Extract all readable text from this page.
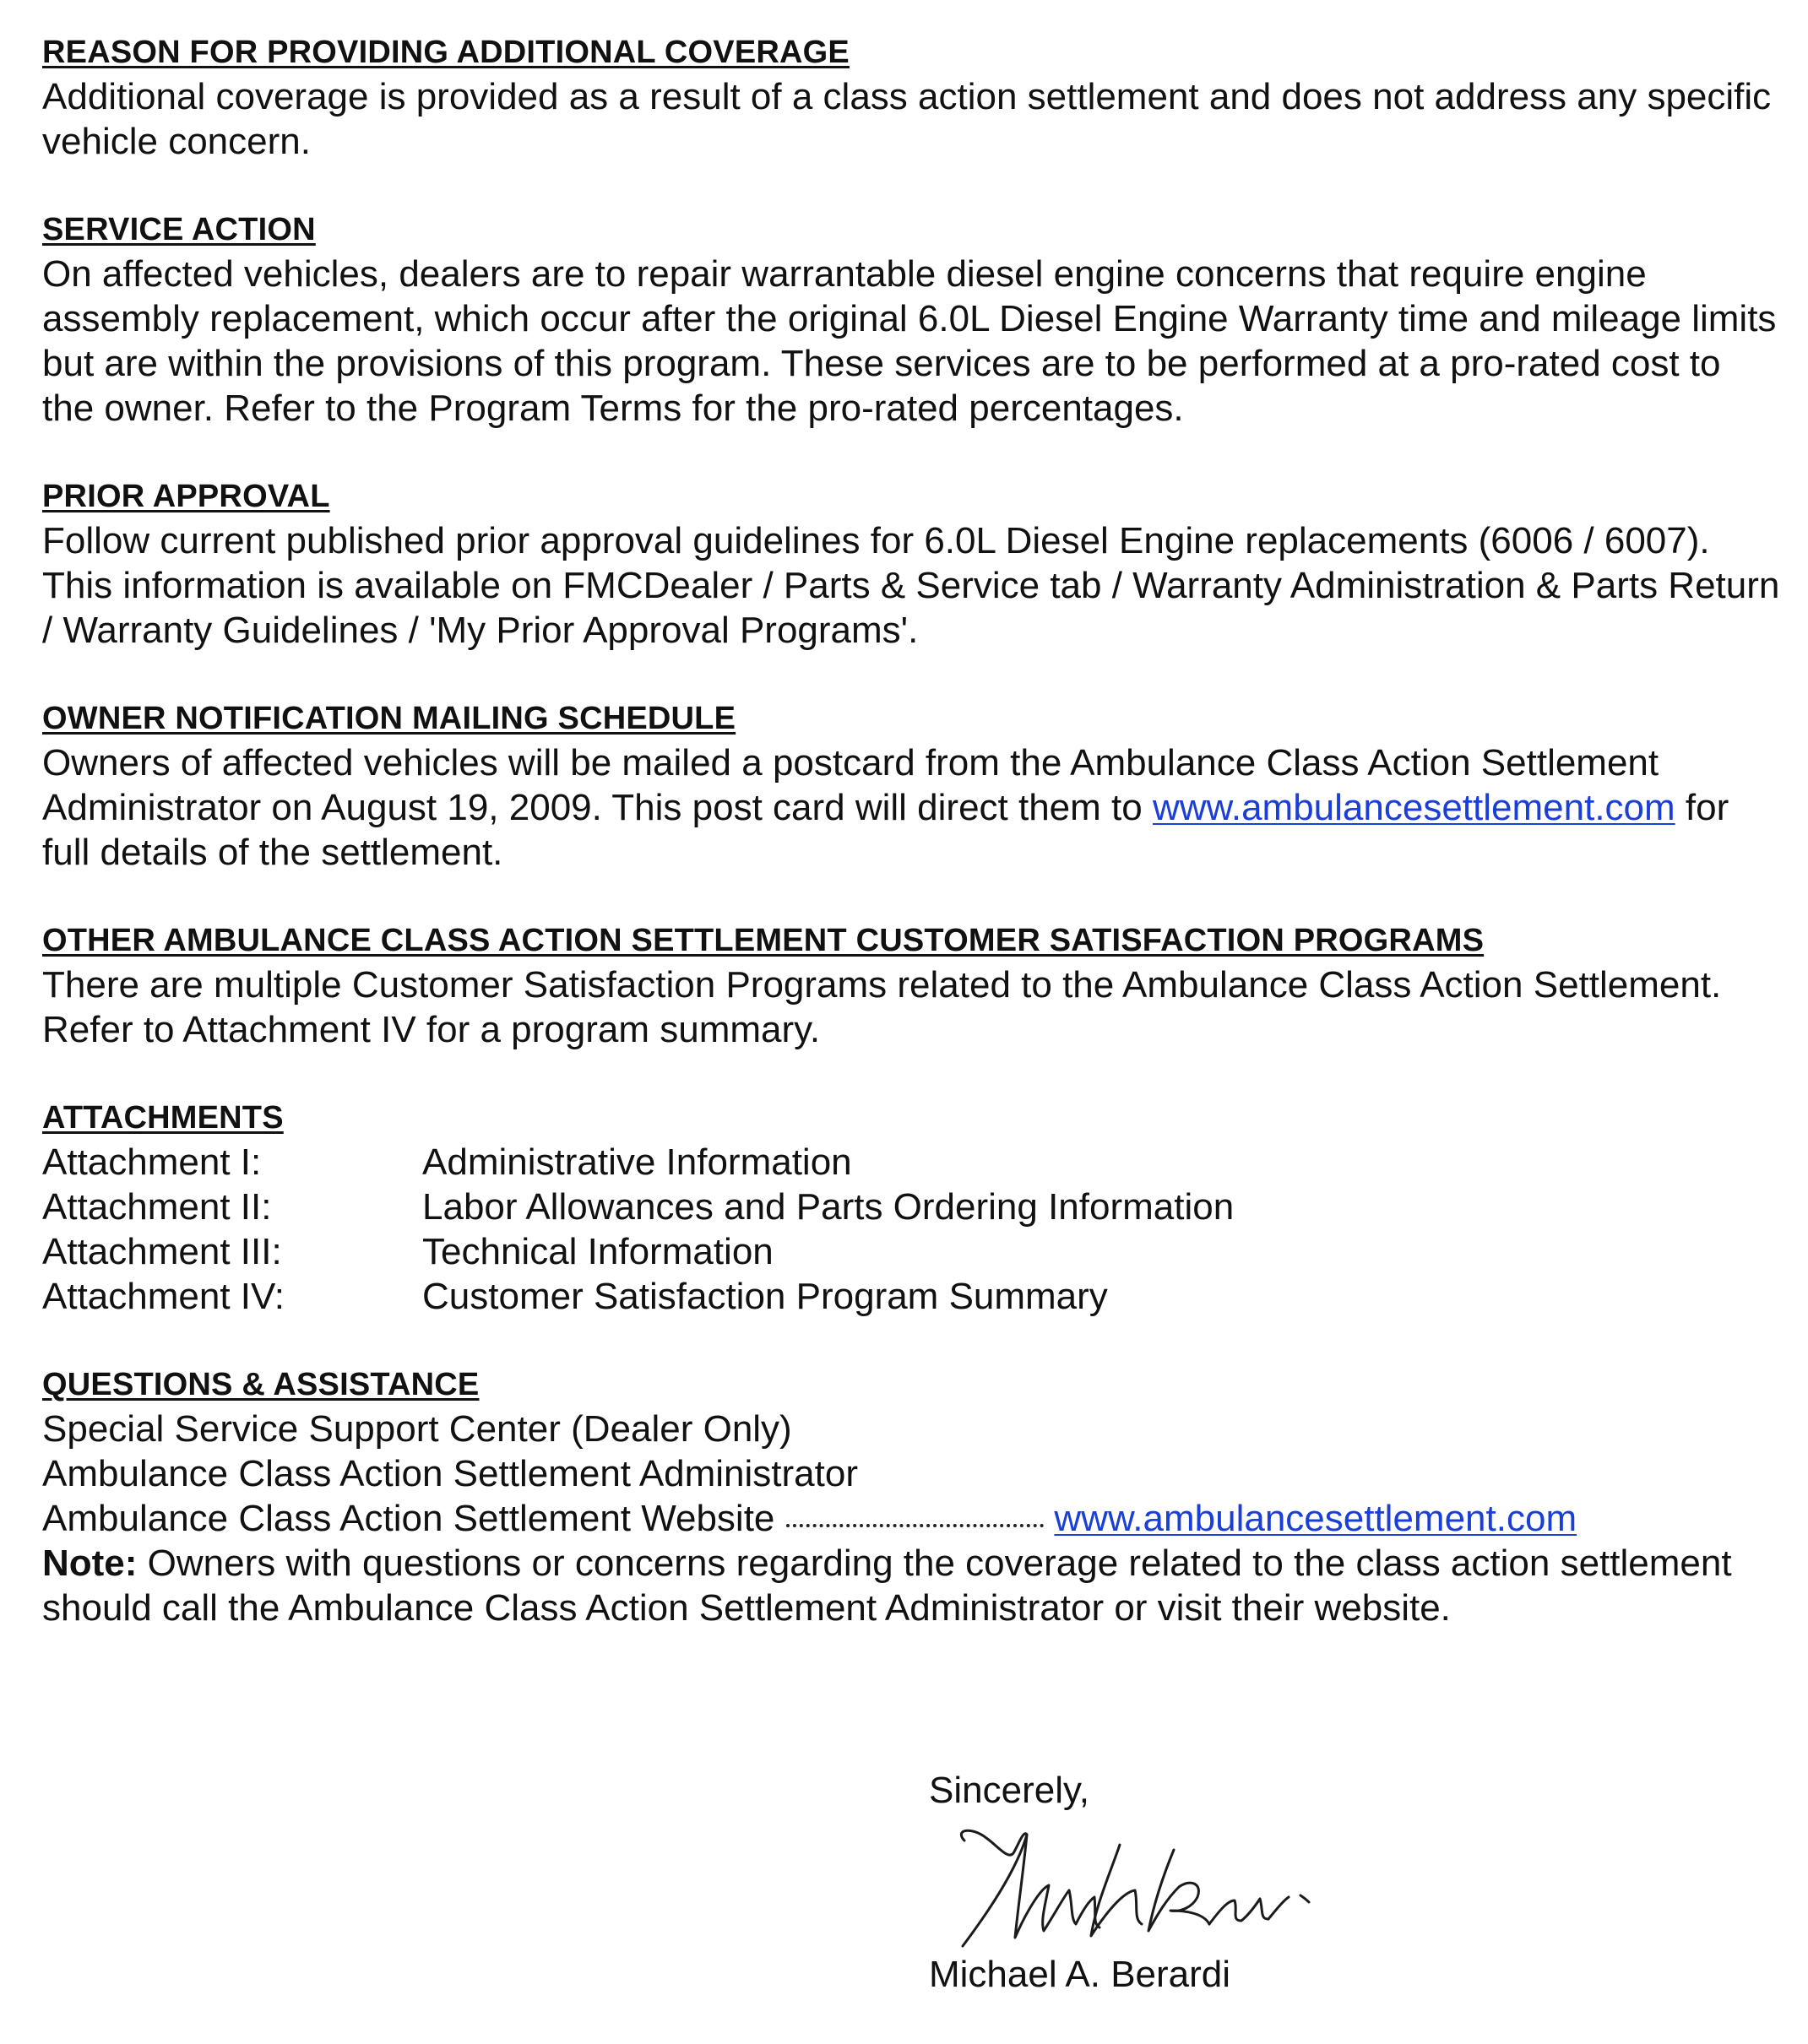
REASON FOR PROVIDING ADDITIONAL COVERAGE

Additional coverage is provided as a result of a class action settlement and does not address any specific vehicle concern.

SERVICE ACTION

On affected vehicles, dealers are to repair warrantable diesel engine concerns that require engine assembly replacement, which occur after the original 6.0L Diesel Engine Warranty time and mileage limits but are within the provisions of this program. These services are to be performed at a pro-rated cost to the owner. Refer to the Program Terms for the pro-rated percentages.

PRIOR APPROVAL

Follow current published prior approval guidelines for 6.0L Diesel Engine replacements (6006 / 6007). This information is available on FMCDealer / Parts & Service tab / Warranty Administration & Parts Return / Warranty Guidelines / 'My Prior Approval Programs'.

OWNER NOTIFICATION MAILING SCHEDULE

Owners of affected vehicles will be mailed a postcard from the Ambulance Class Action Settlement Administrator on August 19, 2009. This post card will direct them to www.ambulancesettlement.com for full details of the settlement.

OTHER AMBULANCE CLASS ACTION SETTLEMENT CUSTOMER SATISFACTION PROGRAMS

There are multiple Customer Satisfaction Programs related to the Ambulance Class Action Settlement. Refer to Attachment IV for a program summary.

ATTACHMENTS
Attachment I:	Administrative Information
Attachment II:	Labor Allowances and Parts Ordering Information
Attachment III:	Technical Information
Attachment IV:	Customer Satisfaction Program Summary
QUESTIONS & ASSISTANCE
Special Service Support Center (Dealer Only)
Ambulance Class Action Settlement Administrator
Ambulance Class Action Settlement Website	www.ambulancesettlement.com

Note: Owners with questions or concerns regarding the coverage related to the class action settlement should call the Ambulance Class Action Settlement Administrator or visit their website.

Sincerely,
Michael A. Berardi
